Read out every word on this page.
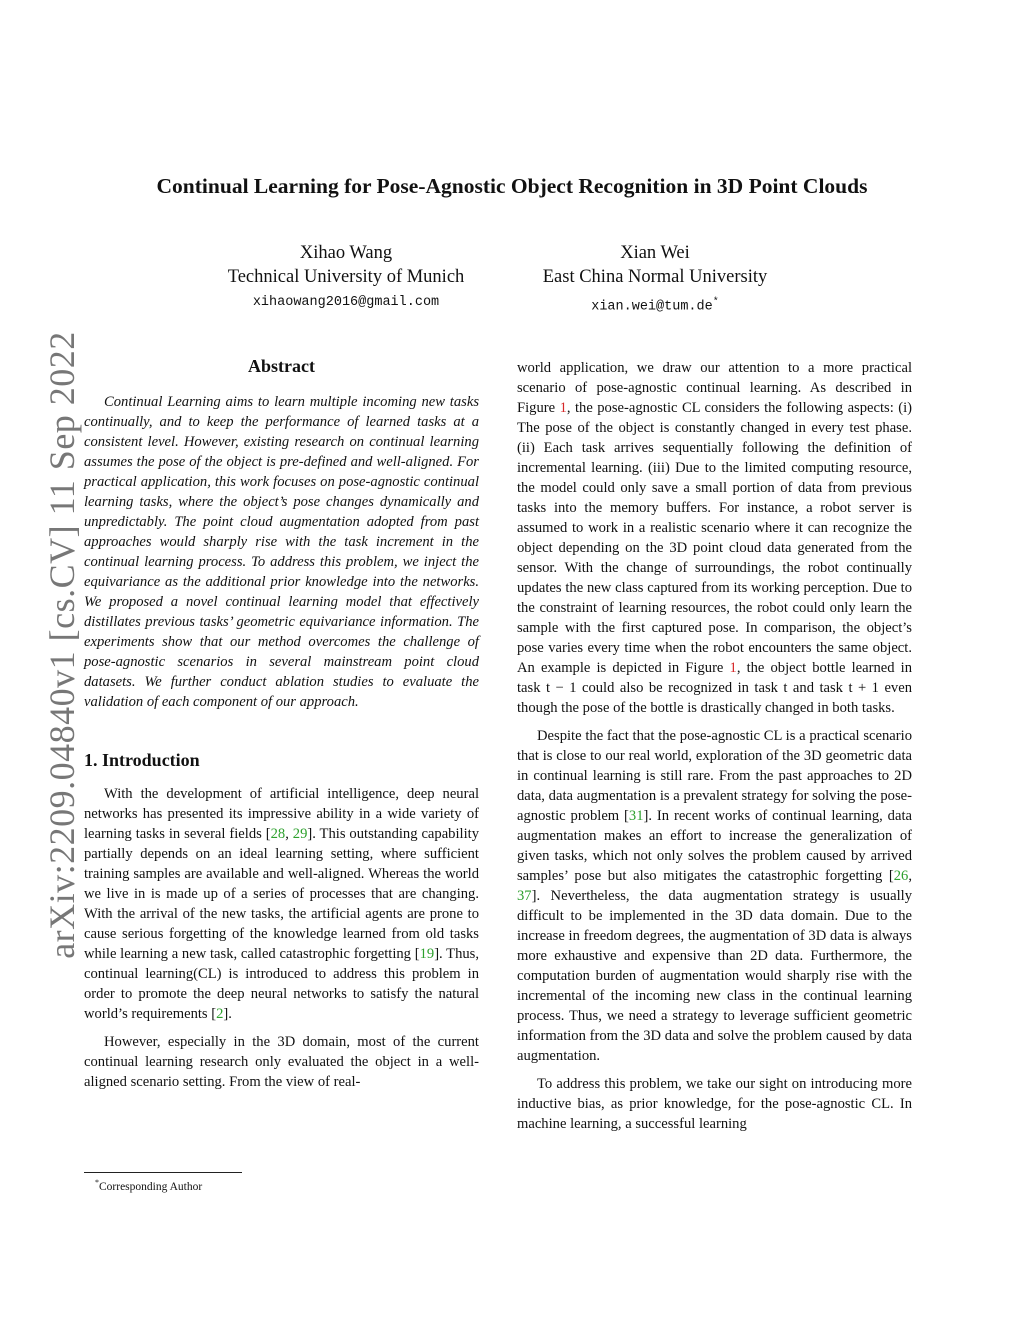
arXiv:2209.04840v1 [cs.CV] 11 Sep 2022
Continual Learning for Pose-Agnostic Object Recognition in 3D Point Clouds
Xihao Wang
Technical University of Munich
xihaowang2016@gmail.com
Xian Wei
East China Normal University
xian.wei@tum.de*
Abstract

Continual Learning aims to learn multiple incoming new tasks continually, and to keep the performance of learned tasks at a consistent level. However, existing research on continual learning assumes the pose of the object is pre-defined and well-aligned. For practical application, this work focuses on pose-agnostic continual learning tasks, where the object’s pose changes dynamically and unpredictably. The point cloud augmentation adopted from past approaches would sharply rise with the task increment in the continual learning process. To address this problem, we inject the equivariance as the additional prior knowledge into the networks. We proposed a novel continual learning model that effectively distillates previous tasks’ geometric equivariance information. The experiments show that our method overcomes the challenge of pose-agnostic scenarios in several mainstream point cloud datasets. We further conduct ablation studies to evaluate the validation of each component of our approach.

1. Introduction

With the development of artificial intelligence, deep neural networks has presented its impressive ability in a wide variety of learning tasks in several fields [28, 29]. This outstanding capability partially depends on an ideal learning setting, where sufficient training samples are available and well-aligned. Whereas the world we live in is made up of a series of processes that are changing. With the arrival of the new tasks, the artificial agents are prone to cause serious forgetting of the knowledge learned from old tasks while learning a new task, called catastrophic forgetting [19]. Thus, continual learning(CL) is introduced to address this problem in order to promote the deep neural networks to satisfy the natural world’s requirements [2].

However, especially in the 3D domain, most of the current continual learning research only evaluated the object in a well-aligned scenario setting. From the view of real-

world application, we draw our attention to a more practical scenario of pose-agnostic continual learning. As described in Figure 1, the pose-agnostic CL considers the following aspects: (i) The pose of the object is constantly changed in every test phase. (ii) Each task arrives sequentially following the definition of incremental learning. (iii) Due to the limited computing resource, the model could only save a small portion of data from previous tasks into the memory buffers. For instance, a robot server is assumed to work in a realistic scenario where it can recognize the object depending on the 3D point cloud data generated from the sensor. With the change of surroundings, the robot continually updates the new class captured from its working perception. Due to the constraint of learning resources, the robot could only learn the sample with the first captured pose. In comparison, the object’s pose varies every time when the robot encounters the same object. An example is depicted in Figure 1, the object bottle learned in task t − 1 could also be recognized in task t and task t + 1 even though the pose of the bottle is drastically changed in both tasks.

Despite the fact that the pose-agnostic CL is a practical scenario that is close to our real world, exploration of the 3D geometric data in continual learning is still rare. From the past approaches to 2D data, data augmentation is a prevalent strategy for solving the pose-agnostic problem [31]. In recent works of continual learning, data augmentation makes an effort to increase the generalization of given tasks, which not only solves the problem caused by arrived samples’ pose but also mitigates the catastrophic forgetting [26, 37]. Nevertheless, the data augmentation strategy is usually difficult to be implemented in the 3D data domain. Due to the increase in freedom degrees, the augmentation of 3D data is always more exhaustive and expensive than 2D data. Furthermore, the computation burden of augmentation would sharply rise with the incremental of the incoming new class in the continual learning process. Thus, we need a strategy to leverage sufficient geometric information from the 3D data and solve the problem caused by data augmentation.

To address this problem, we take our sight on introducing more inductive bias, as prior knowledge, for the pose-agnostic CL. In machine learning, a successful learning

*Corresponding Author
